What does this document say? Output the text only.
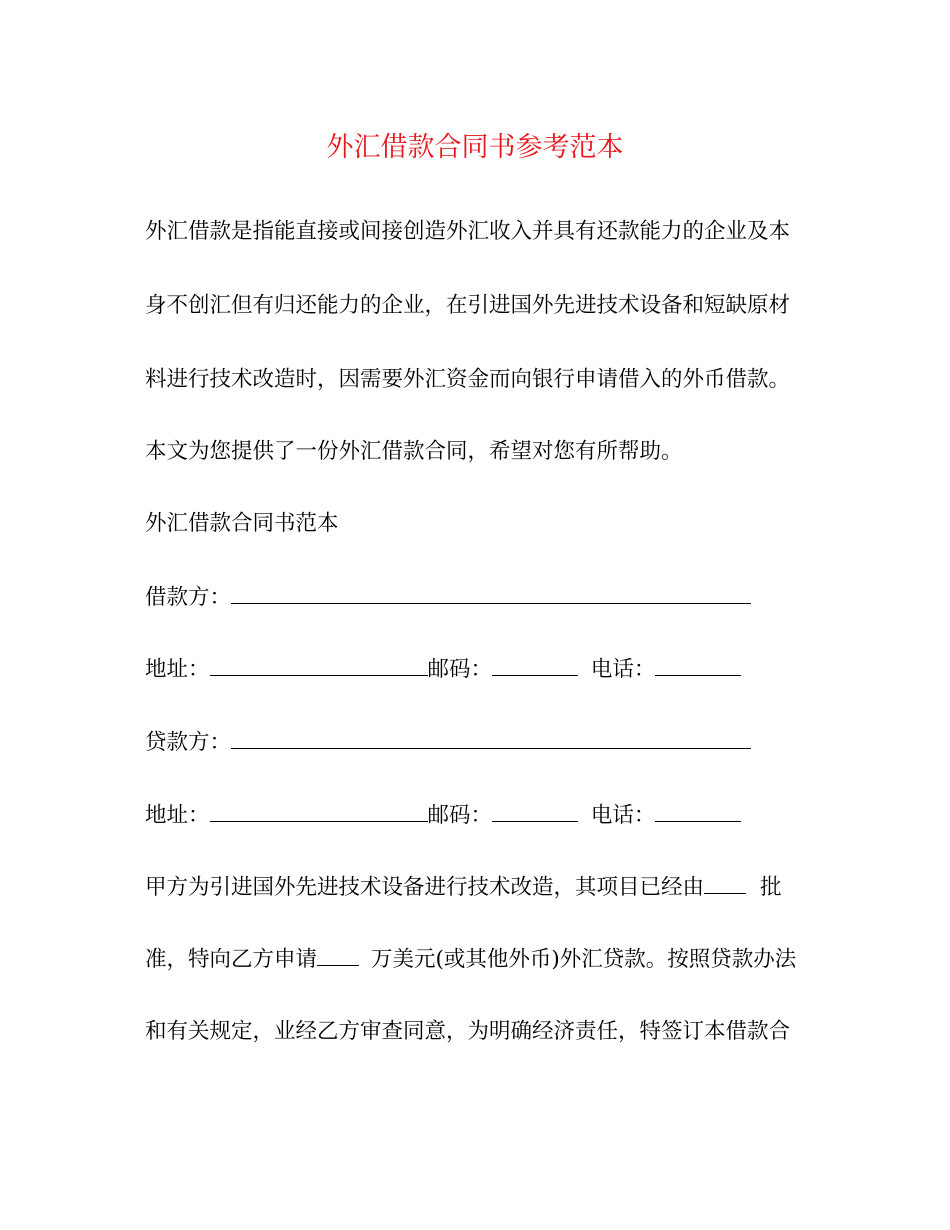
外汇借款合同书参考范本
外汇借款是指能直接或间接创造外汇收入并具有还款能力的企业及本
身不创汇但有归还能力的企业，在引进国外先进技术设备和短缺原材
料进行技术改造时，因需要外汇资金而向银行申请借入的外币借款。
本文为您提供了一份外汇借款合同，希望对您有所帮助。
外汇借款合同书范本
借款方：
地址：	邮码：	电话：
贷款方：
地址：	邮码：	电话：
甲方为引进国外先进技术设备进行技术改造，其项目已经由	批
准，特向乙方申请	万美元(或其他外币)外汇贷款。按照贷款办法
和有关规定，业经乙方审查同意，为明确经济责任，特签订本借款合
